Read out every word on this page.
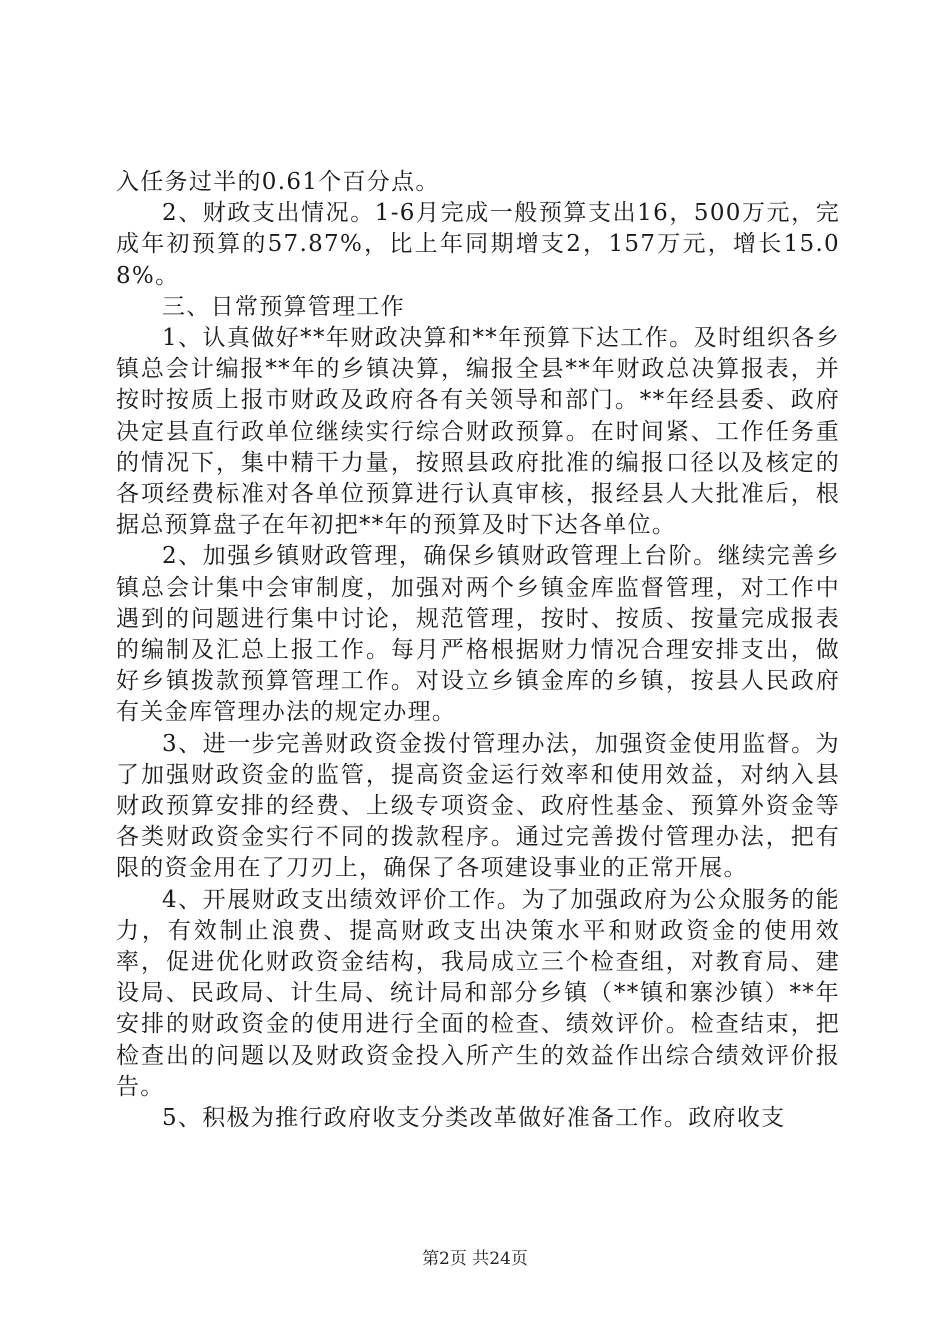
入任务过半的0.61个百分点。

2、财政支出情况。1-6月完成一般预算支出16，500万元，完成年初预算的57.87%，比上年同期增支2，157万元，增长15.08%。

三、日常预算管理工作

1、认真做好**年财政决算和**年预算下达工作。及时组织各乡镇总会计编报**年的乡镇决算，编报全县**年财政总决算报表，并按时按质上报市财政及政府各有关领导和部门。**年经县委、政府决定县直行政单位继续实行综合财政预算。在时间紧、工作任务重的情况下，集中精干力量，按照县政府批准的编报口径以及核定的各项经费标准对各单位预算进行认真审核，报经县人大批准后，根据总预算盘子在年初把**年的预算及时下达各单位。

2、加强乡镇财政管理，确保乡镇财政管理上台阶。继续完善乡镇总会计集中会审制度，加强对两个乡镇金库监督管理，对工作中遇到的问题进行集中讨论，规范管理，按时、按质、按量完成报表的编制及汇总上报工作。每月严格根据财力情况合理安排支出，做好乡镇拨款预算管理工作。对设立乡镇金库的乡镇，按县人民政府有关金库管理办法的规定办理。

3、进一步完善财政资金拨付管理办法，加强资金使用监督。为了加强财政资金的监管，提高资金运行效率和使用效益，对纳入县财政预算安排的经费、上级专项资金、政府性基金、预算外资金等各类财政资金实行不同的拨款程序。通过完善拨付管理办法，把有限的资金用在了刀刃上，确保了各项建设事业的正常开展。

4、开展财政支出绩效评价工作。为了加强政府为公众服务的能力，有效制止浪费、提高财政支出决策水平和财政资金的使用效率，促进优化财政资金结构，我局成立三个检查组，对教育局、建设局、民政局、计生局、统计局和部分乡镇（**镇和寨沙镇）**年安排的财政资金的使用进行全面的检查、绩效评价。检查结束，把检查出的问题以及财政资金投入所产生的效益作出综合绩效评价报告。

5、积极为推行政府收支分类改革做好准备工作。政府收支

第2页 共24页
